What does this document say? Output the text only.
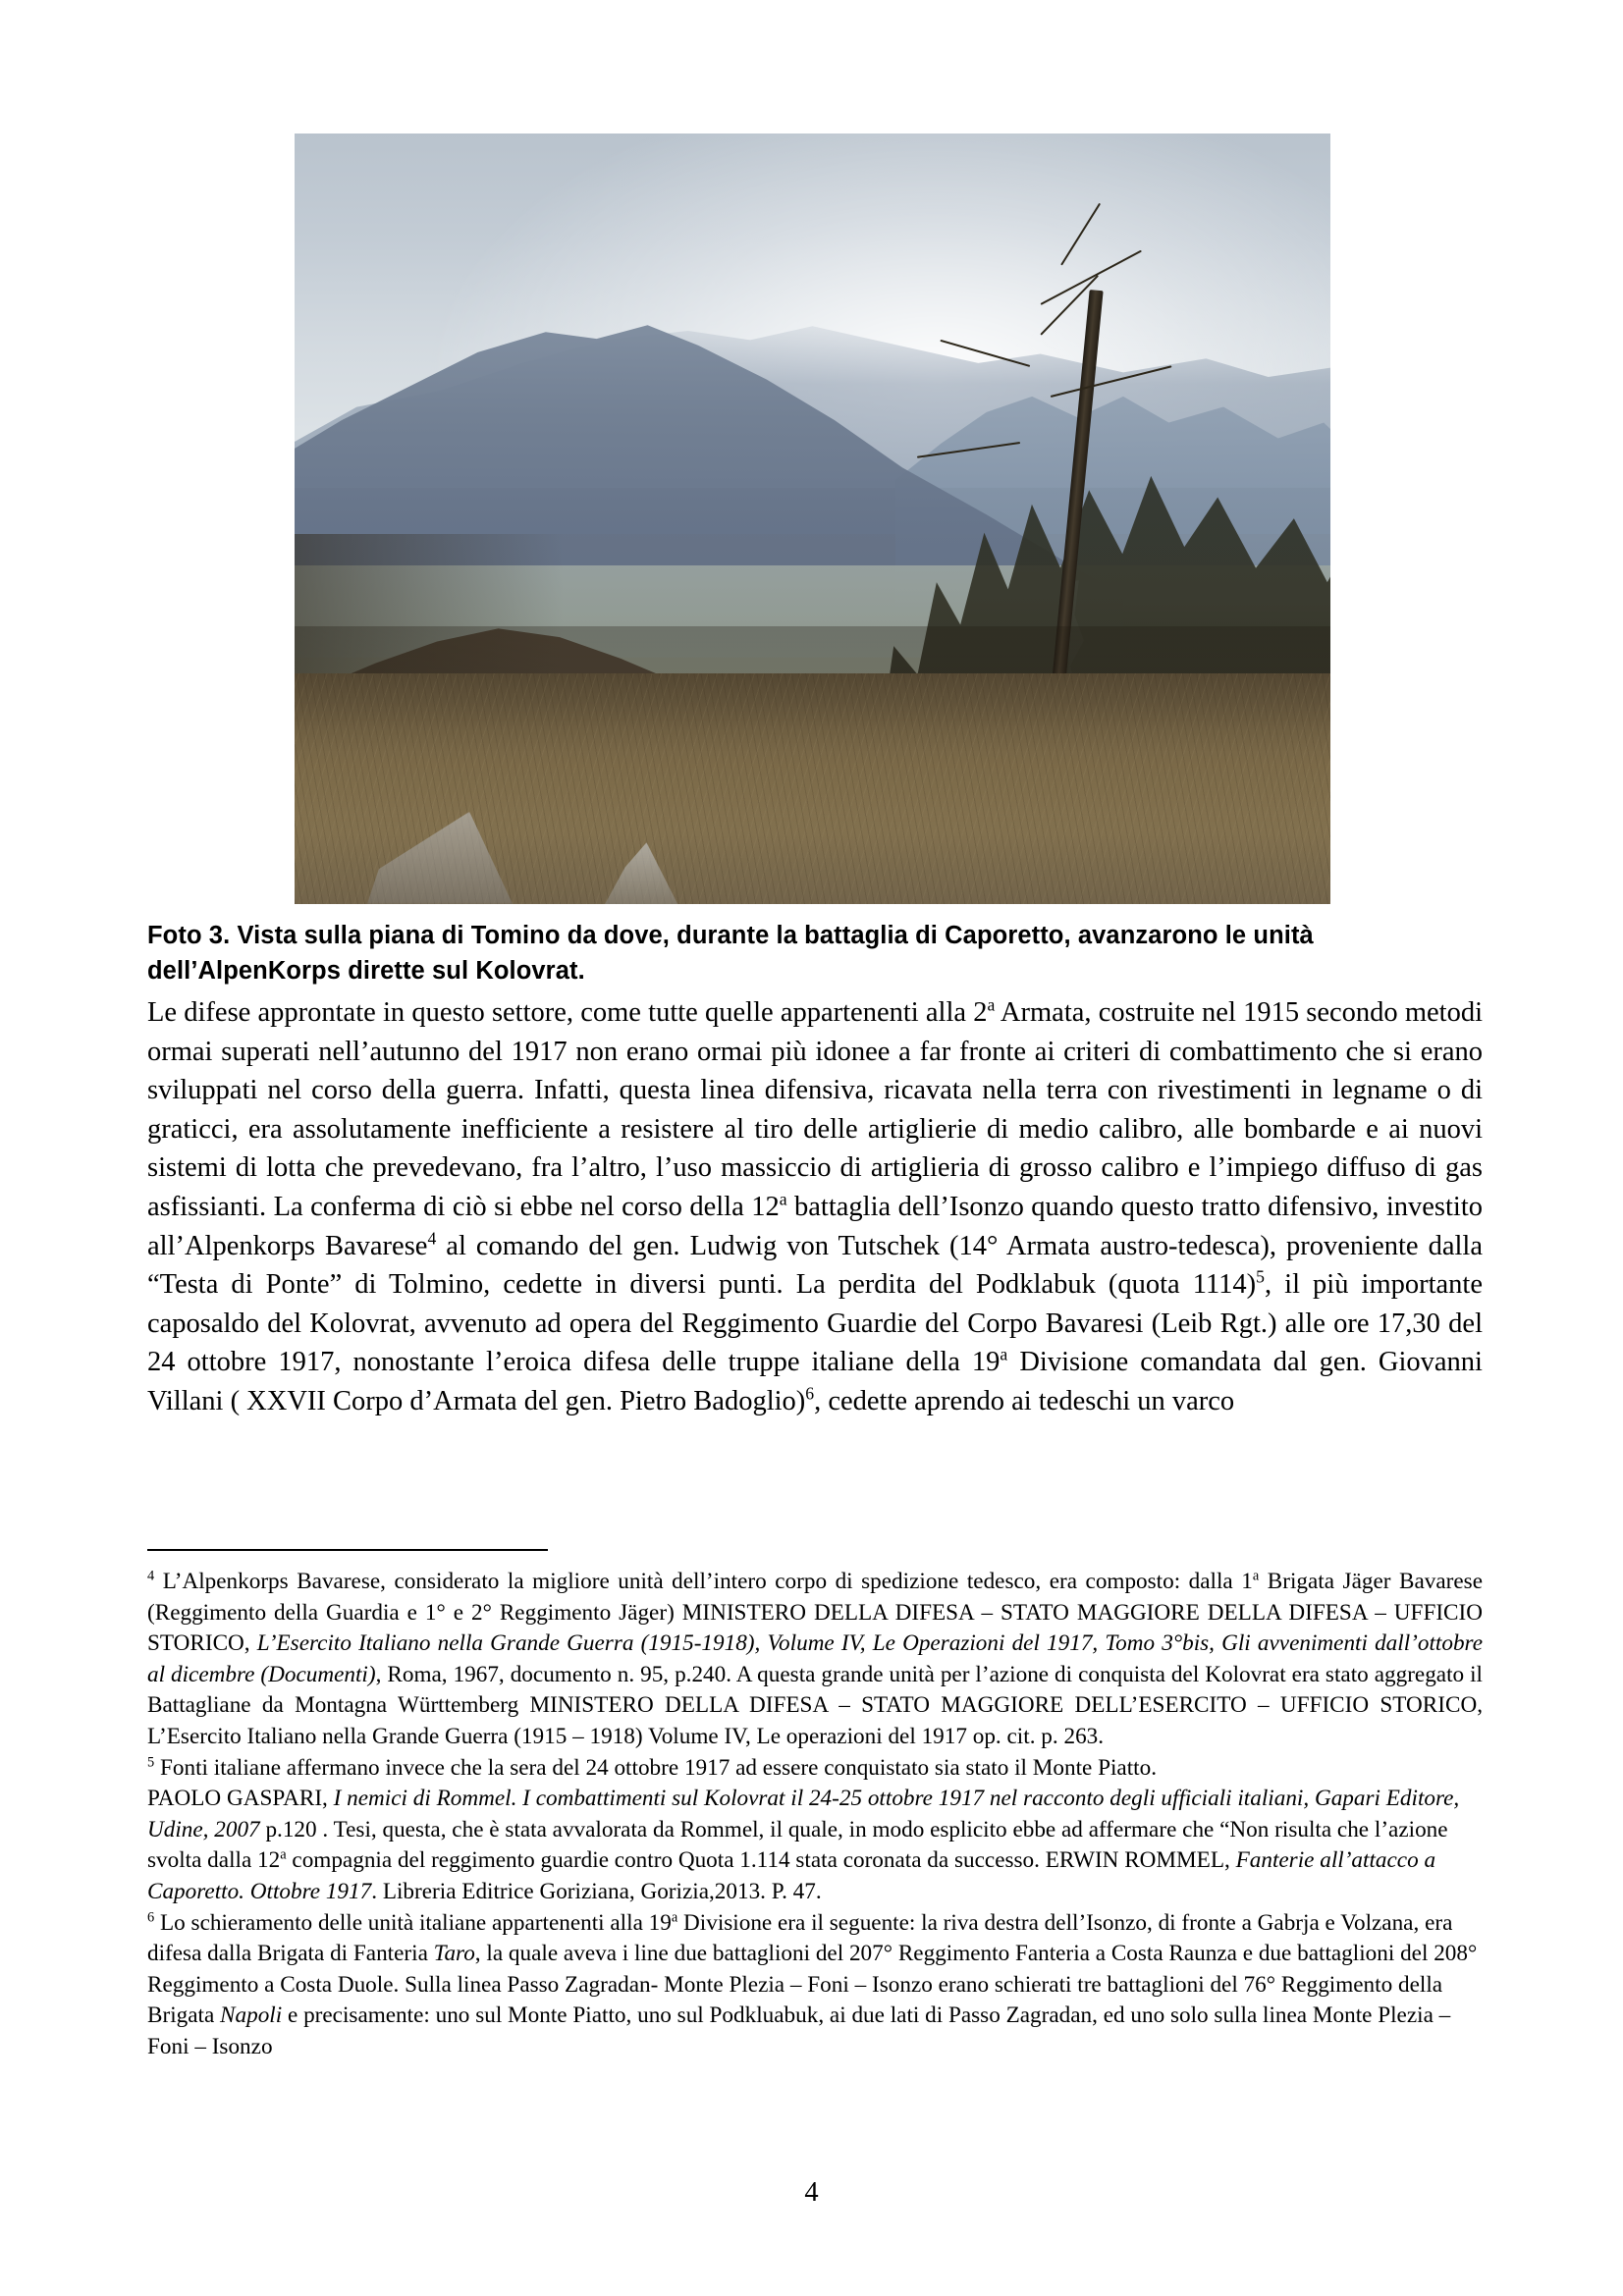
Foto 3. Vista sulla piana di Tomino da dove, durante la battaglia di Caporetto, avanzarono le unità dell’AlpenKorps dirette sul Kolovrat.

Le difese approntate in questo settore, come tutte quelle appartenenti alla 2$^a$ Armata, costruite nel 1915 secondo metodi ormai superati nell’autunno del 1917 non erano ormai più idonee a far fronte ai criteri di combattimento che si erano sviluppati nel corso della guerra. Infatti, questa linea difensiva, ricavata nella terra con rivestimenti in legname o di graticci, era assolutamente inefficiente a resistere al tiro delle artiglierie di medio calibro, alle bombarde e ai nuovi sistemi di lotta che prevedevano, fra l’altro, l’uso massiccio di artiglieria di grosso calibro e l’impiego diffuso di gas asfissianti. La conferma di ciò si ebbe nel corso della 12$^a$ battaglia dell’Isonzo quando questo tratto difensivo, investito all’Alpenkorps Bavarese$^4$ al comando del gen. Ludwig von Tutschek (14° Armata austro-tedesca), proveniente dalla “Testa di Ponte” di Tolmino, cedette in diversi punti. La perdita del Podklabuk (quota 1114)$^5$, il più importante caposaldo del Kolovrat, avvenuto ad opera del Reggimento Guardie del Corpo Bavaresi (Leib Rgt.) alle ore 17,30 del 24 ottobre 1917, nonostante l’eroica difesa delle truppe italiane della 19$^a$ Divisione comandata dal gen. Giovanni Villani ( XXVII Corpo d’Armata del gen. Pietro Badoglio)$^6$, cedette aprendo ai tedeschi un varco

$^4$ L’Alpenkorps Bavarese, considerato la migliore unità dell’intero corpo di spedizione tedesco, era composto: dalla 1$^a$ Brigata Jäger Bavarese (Reggimento della Guardia e 1° e 2° Reggimento Jäger) MINISTERO DELLA DIFESA – STATO MAGGIORE DELLA DIFESA – UFFICIO STORICO, L’Esercito Italiano nella Grande Guerra (1915-1918), Volume IV, Le Operazioni del 1917, Tomo 3°bis, Gli avvenimenti dall’ottobre al dicembre (Documenti), Roma, 1967, documento n. 95, p.240. A questa grande unità per l’azione di conquista del Kolovrat era stato aggregato il Battagliane da Montagna Württemberg MINISTERO DELLA DIFESA – STATO MAGGIORE DELL’ESERCITO – UFFICIO STORICO, L’Esercito Italiano nella Grande Guerra (1915 – 1918) Volume IV, Le operazioni del 1917 op. cit. p. 263.

$^5$ Fonti italiane affermano invece che la sera del 24 ottobre 1917 ad essere conquistato sia stato il Monte Piatto.
PAOLO GASPARI, I nemici di Rommel. I combattimenti sul Kolovrat il 24-25 ottobre 1917 nel racconto degli ufficiali italiani, Gapari Editore, Udine, 2007 p.120 . Tesi, questa, che è stata avvalorata da Rommel, il quale, in modo esplicito ebbe ad affermare che “Non risulta che l’azione svolta dalla 12$^a$ compagnia del reggimento guardie contro Quota 1.114 stata coronata da successo. ERWIN ROMMEL, Fanterie all’attacco a Caporetto. Ottobre 1917. Libreria Editrice Goriziana, Gorizia,2013. P. 47.

$^6$ Lo schieramento delle unità italiane appartenenti alla 19$^a$ Divisione era il seguente: la riva destra dell’Isonzo, di fronte a Gabrja e Volzana, era difesa dalla Brigata di Fanteria Taro, la quale aveva i line due battaglioni del 207° Reggimento Fanteria a Costa Raunza e due battaglioni del 208° Reggimento a Costa Duole. Sulla linea Passo Zagradan- Monte Plezia – Foni – Isonzo erano schierati tre battaglioni del 76° Reggimento della Brigata Napoli e precisamente: uno sul Monte Piatto, uno sul Podkluabuk, ai due lati di Passo Zagradan, ed uno solo sulla linea Monte Plezia – Foni – Isonzo

4
